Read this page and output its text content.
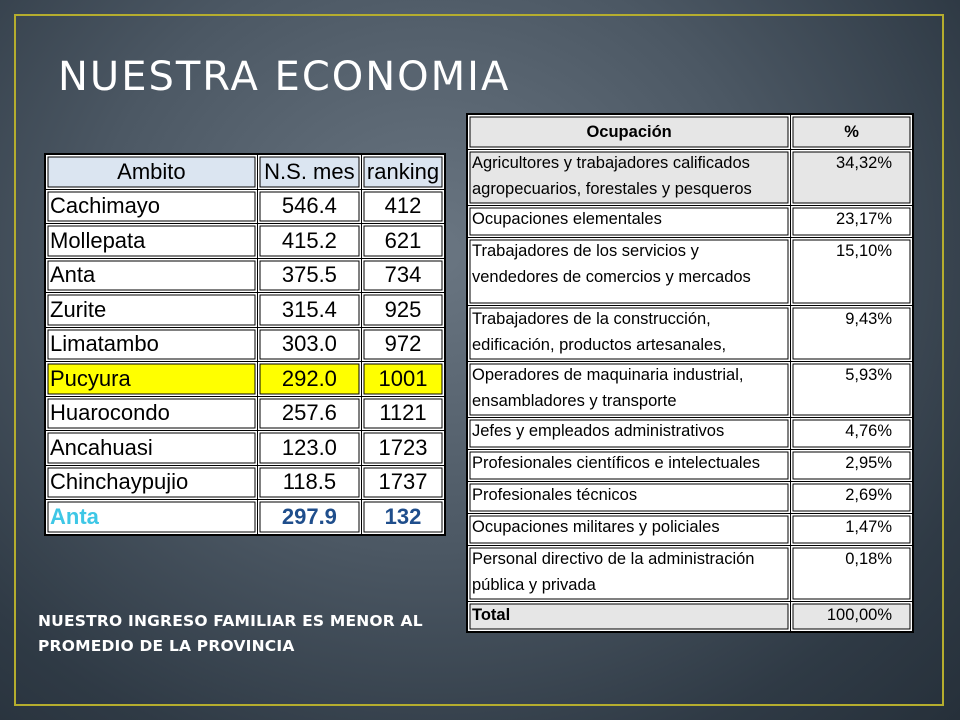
NUESTRA ECONOMIA
Ambito	N.S. mes	ranking
Cachimayo	546.4	412
Mollepata	415.2	621
Anta	375.5	734
Zurite	315.4	925
Limatambo	303.0	972
Pucyura	292.0	1001
Huarocondo	257.6	1121
Ancahuasi	123.0	1723
Chinchaypujio	118.5	1737
Anta	297.9	132
Ocupación	%
Agricultores y trabajadores calificados agropecuarios, forestales y pesqueros	34,32%
Ocupaciones elementales	23,17%
Trabajadores de los servicios y vendedores de comercios y mercados	15,10%
Trabajadores de la construcción, edificación, productos artesanales,	9,43%
Operadores de maquinaria industrial, ensambladores y transporte	5,93%
Jefes y empleados administrativos	4,76%
Profesionales científicos e intelectuales	2,95%
Profesionales técnicos	2,69%
Ocupaciones militares y policiales	1,47%
Personal directivo de la administración pública y privada	0,18%
Total	100,00%
NUESTRO INGRESO FAMILIAR ES MENOR AL PROMEDIO DE LA PROVINCIA
